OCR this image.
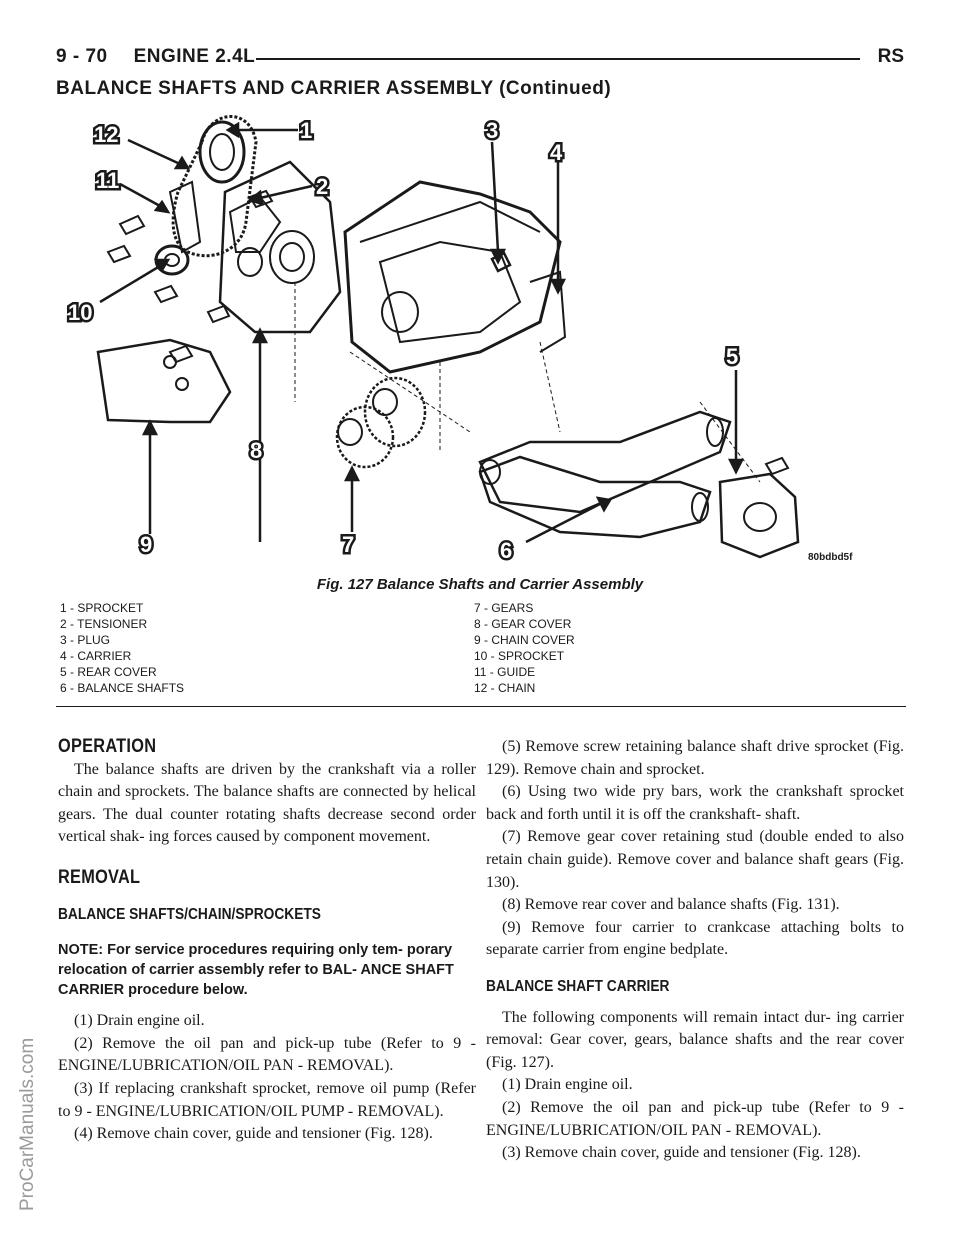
9 - 70 ENGINE 2.4L	RS
BALANCE SHAFTS AND CARRIER ASSEMBLY (Continued)
ProCarManuals.com
1
2
3
4
5
6
7
8
9
10
11
12
80bdbd5f
Fig. 127 Balance Shafts and Carrier Assembly
1 - SPROCKET
2 - TENSIONER
3 - PLUG
4 - CARRIER
5 - REAR COVER
6 - BALANCE SHAFTS
7 - GEARS
8 - GEAR COVER
9 - CHAIN COVER
10 - SPROCKET
11 - GUIDE
12 - CHAIN

OPERATION

The balance shafts are driven by the crankshaft via a roller chain and sprockets. The balance shafts are connected by helical gears. The dual counter rotating shafts decrease second order vertical shak- ing forces caused by component movement.

REMOVAL

BALANCE SHAFTS/CHAIN/SPROCKETS

NOTE: For service procedures requiring only tem- porary relocation of carrier assembly refer to BAL- ANCE SHAFT CARRIER procedure below.

(1) Drain engine oil.

(2) Remove the oil pan and pick-up tube (Refer to 9 - ENGINE/LUBRICATION/OIL PAN - REMOVAL).

(3) If replacing crankshaft sprocket, remove oil pump (Refer to 9 - ENGINE/LUBRICATION/OIL PUMP - REMOVAL).

(4) Remove chain cover, guide and tensioner (Fig. 128).

(5) Remove screw retaining balance shaft drive sprocket (Fig. 129). Remove chain and sprocket.

(6) Using two wide pry bars, work the crankshaft sprocket back and forth until it is off the crankshaft- shaft.

(7) Remove gear cover retaining stud (double ended to also retain chain guide). Remove cover and balance shaft gears (Fig. 130).

(8) Remove rear cover and balance shafts (Fig. 131).

(9) Remove four carrier to crankcase attaching bolts to separate carrier from engine bedplate.

BALANCE SHAFT CARRIER

The following components will remain intact dur- ing carrier removal: Gear cover, gears, balance shafts and the rear cover (Fig. 127).

(1) Drain engine oil.

(2) Remove the oil pan and pick-up tube (Refer to 9 - ENGINE/LUBRICATION/OIL PAN - REMOVAL).

(3) Remove chain cover, guide and tensioner (Fig. 128).
